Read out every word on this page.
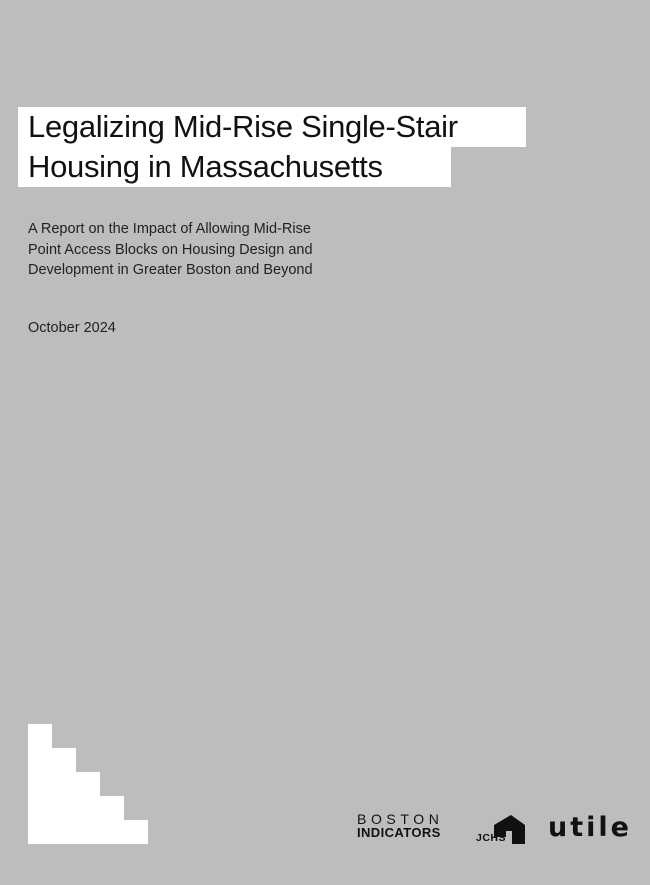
Legalizing Mid-Rise Single-Stair
Housing in Massachusetts
A Report on the Impact of Allowing Mid-Rise
Point Access Blocks on Housing Design and
Development in Greater Boston and Beyond
October 2024
BOSTON
INDICATORS	JCHS utile
